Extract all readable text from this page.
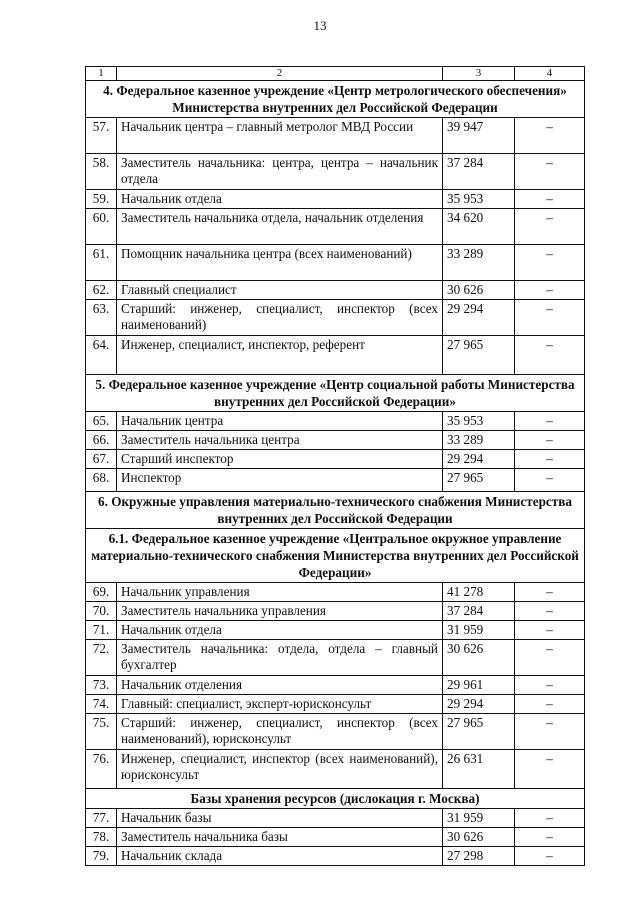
13
1	2	3	4
4. Федеральное казенное учреждение «Центр метрологического обеспечения» Министерства внутренних дел Российской Федерации			
57.	Начальник центра – главный метролог МВД России	39 947	–
58.	Заместитель начальника: центра, центра – начальник отдела	37 284	–
59.	Начальник отдела	35 953	–
60.	Заместитель начальника отдела, начальник отделения	34 620	–
61.	Помощник начальника центра (всех наименований)	33 289	–
62.	Главный специалист	30 626	–
63.	Старший: инженер, специалист, инспектор (всех наименований)	29 294	–
64.	Инженер, специалист, инспектор, референт	27 965	–
5. Федеральное казенное учреждение «Центр социальной работы Министерства внутренних дел Российской Федерации»			
65.	Начальник центра	35 953	–
66.	Заместитель начальника центра	33 289	–
67.	Старший инспектор	29 294	–
68.	Инспектор	27 965	–
6. Окружные управления материально-технического снабжения Министерства внутренних дел Российской Федерации			
6.1. Федеральное казенное учреждение «Центральное окружное управление материально-технического снабжения Министерства внутренних дел Российской Федерации»			
69.	Начальник управления	41 278	–
70.	Заместитель начальника управления	37 284	–
71.	Начальник отдела	31 959	–
72.	Заместитель начальника: отдела, отдела – главный бухгалтер	30 626	–
73.	Начальник отделения	29 961	–
74.	Главный: специалист, эксперт-юрисконсульт	29 294	–
75.	Старший: инженер, специалист, инспектор (всех наименований), юрисконсульт	27 965	–
76.	Инженер, специалист, инспектор (всех наименований), юрисконсульт	26 631	–
Базы хранения ресурсов (дислокация г. Москва)			
77.	Начальник базы	31 959	–
78.	Заместитель начальника базы	30 626	–
79.	Начальник склада	27 298	–
